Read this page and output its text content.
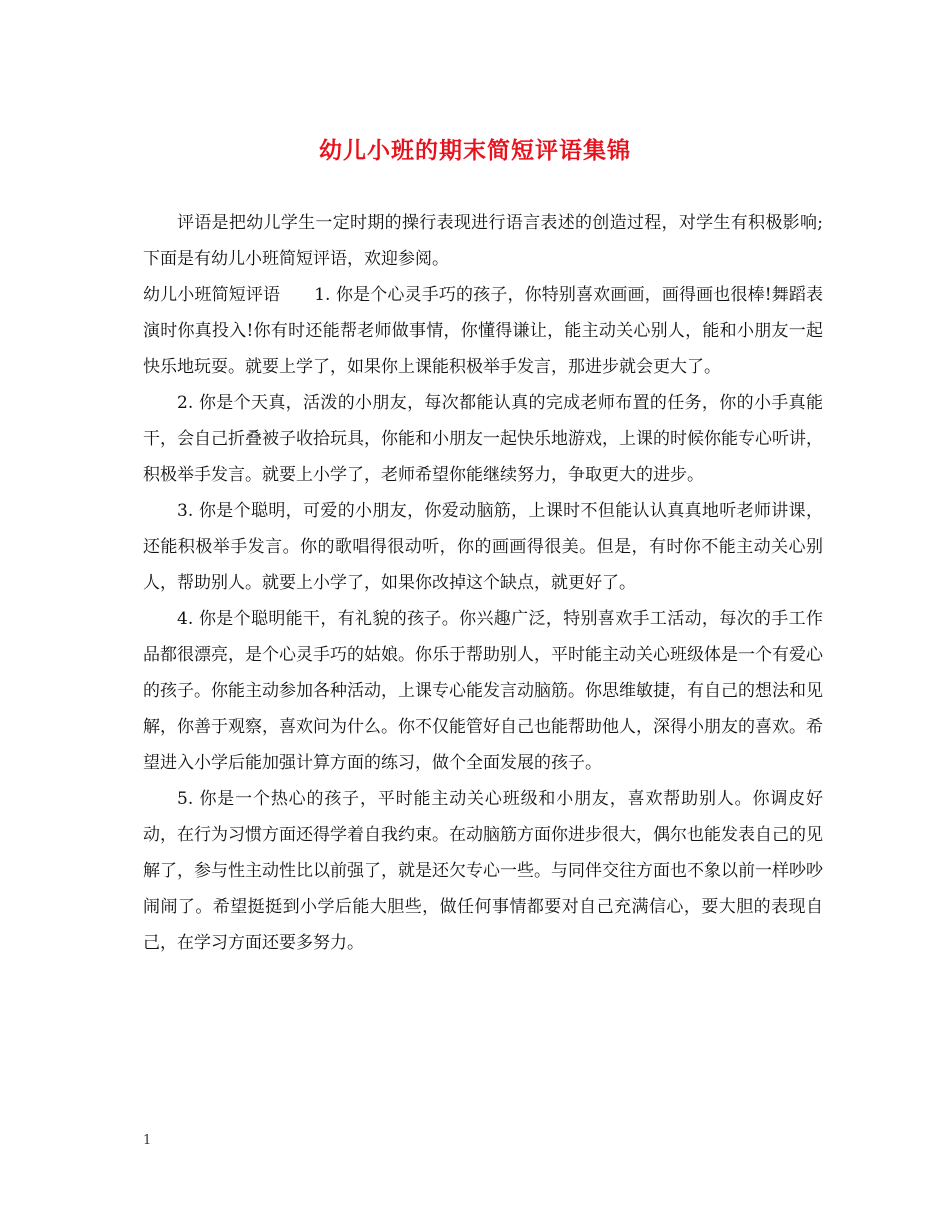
幼儿小班的期末简短评语集锦

评语是把幼儿学生一定时期的操行表现进行语言表述的创造过程，对学生有积极影响;下面是有幼儿小班简短评语，欢迎参阅。

幼儿小班简短评语 1. 你是个心灵手巧的孩子，你特别喜欢画画，画得画也很棒!舞蹈表演时你真投入!你有时还能帮老师做事情，你懂得谦让，能主动关心别人，能和小朋友一起快乐地玩耍。就要上学了，如果你上课能积极举手发言，那进步就会更大了。

2. 你是个天真，活泼的小朋友，每次都能认真的完成老师布置的任务，你的小手真能干，会自己折叠被子收拾玩具，你能和小朋友一起快乐地游戏，上课的时候你能专心听讲，积极举手发言。就要上小学了，老师希望你能继续努力，争取更大的进步。

3. 你是个聪明，可爱的小朋友，你爱动脑筋，上课时不但能认认真真地听老师讲课，还能积极举手发言。你的歌唱得很动听，你的画画得很美。但是，有时你不能主动关心别人，帮助别人。就要上小学了，如果你改掉这个缺点，就更好了。

4. 你是个聪明能干，有礼貌的孩子。你兴趣广泛，特别喜欢手工活动，每次的手工作品都很漂亮，是个心灵手巧的姑娘。你乐于帮助别人，平时能主动关心班级体是一个有爱心的孩子。你能主动参加各种活动，上课专心能发言动脑筋。你思维敏捷，有自己的想法和见解，你善于观察，喜欢问为什么。你不仅能管好自己也能帮助他人，深得小朋友的喜欢。希望进入小学后能加强计算方面的练习，做个全面发展的孩子。

5. 你是一个热心的孩子，平时能主动关心班级和小朋友，喜欢帮助别人。你调皮好动，在行为习惯方面还得学着自我约束。在动脑筋方面你进步很大，偶尔也能发表自己的见解了，参与性主动性比以前强了，就是还欠专心一些。与同伴交往方面也不象以前一样吵吵闹闹了。希望挺挺到小学后能大胆些，做任何事情都要对自己充满信心，要大胆的表现自己，在学习方面还要多努力。

1
